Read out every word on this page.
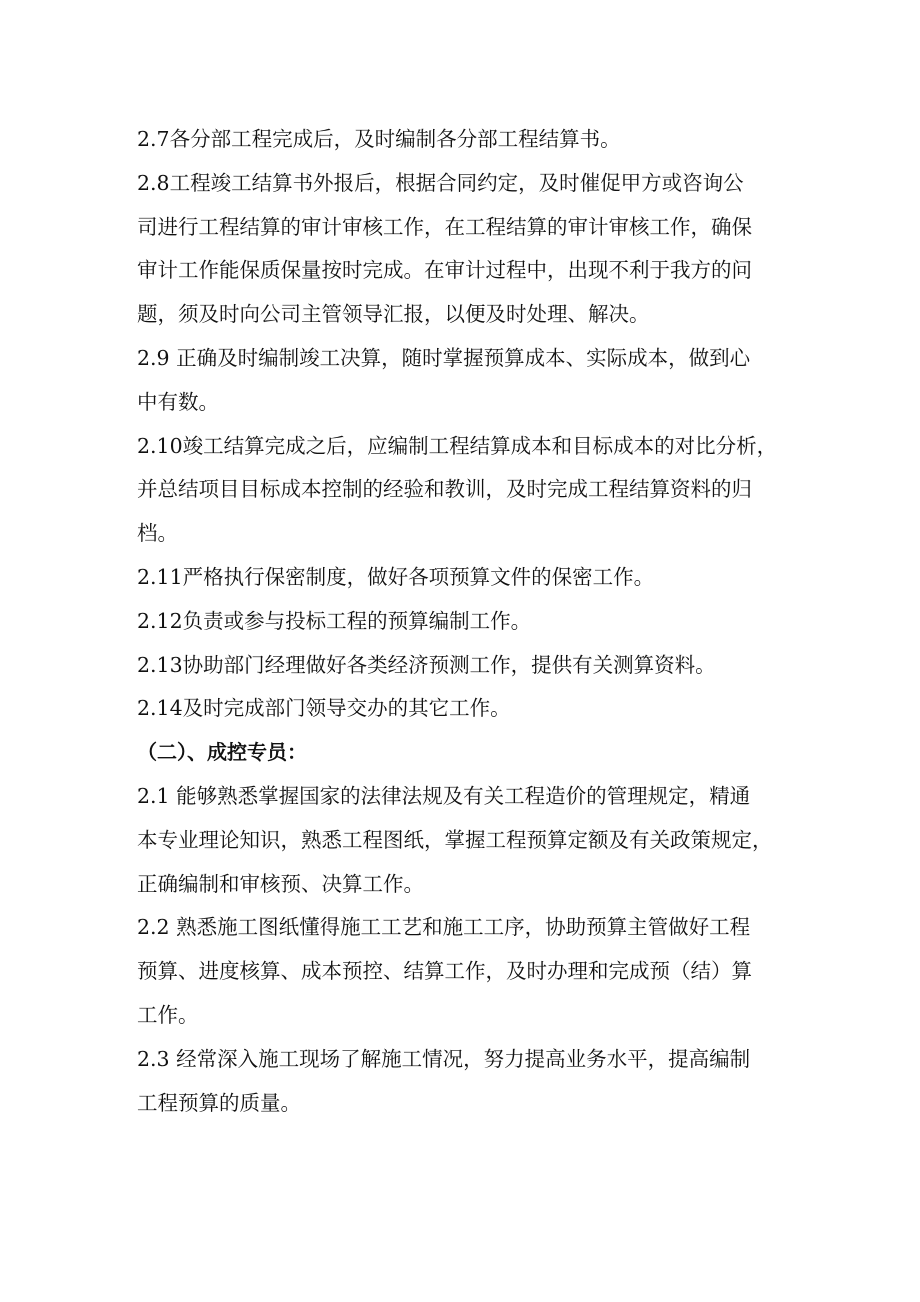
2.7各分部工程完成后，及时编制各分部工程结算书。
2.8工程竣工结算书外报后，根据合同约定，及时催促甲方或咨询公
司进行工程结算的审计审核工作，在工程结算的审计审核工作，确保
审计工作能保质保量按时完成。在审计过程中，出现不利于我方的问
题，须及时向公司主管领导汇报，以便及时处理、解决。
2.9 正确及时编制竣工决算，随时掌握预算成本、实际成本，做到心
中有数。
2.10竣工结算完成之后，应编制工程结算成本和目标成本的对比分析，
并总结项目目标成本控制的经验和教训，及时完成工程结算资料的归
档。
2.11严格执行保密制度，做好各项预算文件的保密工作。
2.12负责或参与投标工程的预算编制工作。
2.13协助部门经理做好各类经济预测工作，提供有关测算资料。
2.14及时完成部门领导交办的其它工作。
（二）、成控专员：
2.1 能够熟悉掌握国家的法律法规及有关工程造价的管理规定，精通
本专业理论知识，熟悉工程图纸，掌握工程预算定额及有关政策规定，
正确编制和审核预、决算工作。
2.2 熟悉施工图纸懂得施工工艺和施工工序，协助预算主管做好工程
预算、进度核算、成本预控、结算工作，及时办理和完成预（结）算
工作。
2.3 经常深入施工现场了解施工情况，努力提高业务水平，提高编制
工程预算的质量。
